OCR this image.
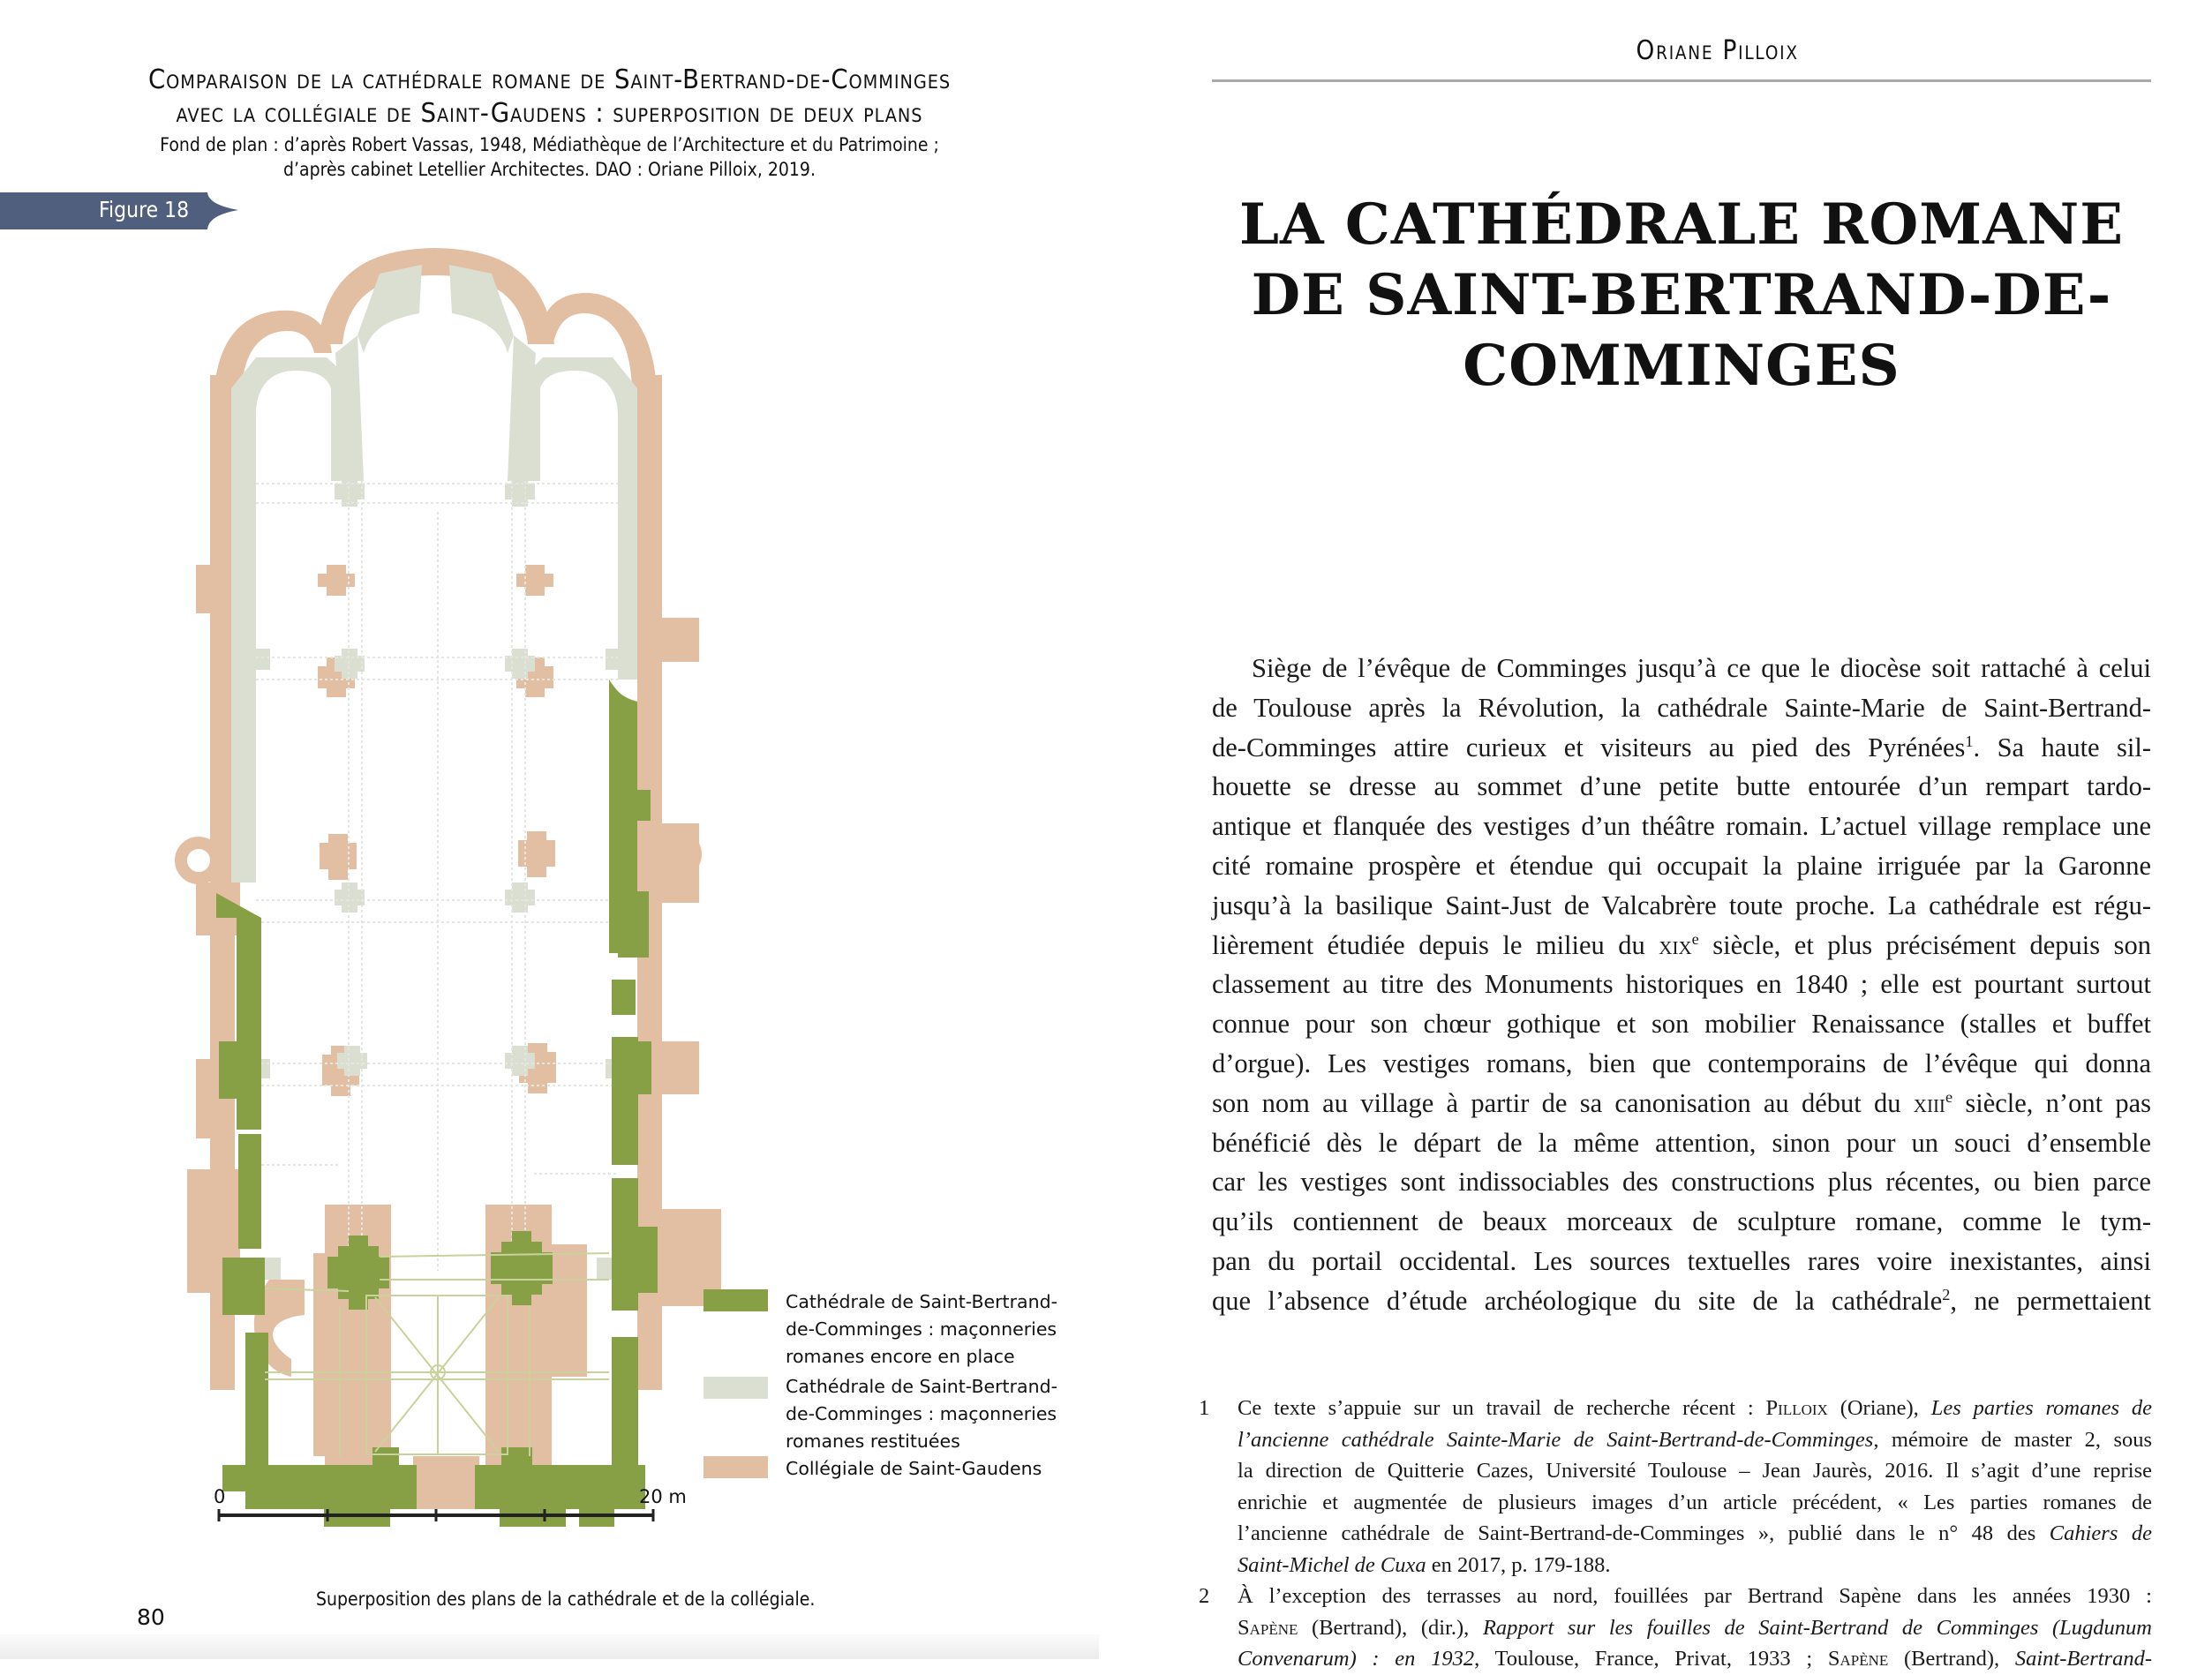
Comparaison de la cathédrale romane de Saint-Bertrand-de-Comminges
avec la collégiale de Saint-Gaudens : superposition de deux plans
Fond de plan : d’après Robert Vassas, 1948, Médiathèque de l’Architecture et du Patrimoine ;
d’après cabinet Letellier Architectes. DAO : Oriane Pilloix, 2019.
Figure 18
Cathédrale de Saint-Bertrand-
de-Comminges : maçonneries
romanes encore en place
Cathédrale de Saint-Bertrand-
de-Comminges : maçonneries
romanes restituées
Collégiale de Saint-Gaudens
0	20 m
Superposition des plans de la cathédrale et de la collégiale.
80
Oriane Pilloix
LA CATHÉDRALE ROMANE
DE SAINT-BERTRAND-DE-
COMMINGES
Siège de l’évêque de Comminges jusqu’à ce que le diocèse soit rattaché à celui
de Toulouse après la Révolution, la cathédrale Sainte-Marie de Saint-Bertrand-
de-Comminges attire curieux et visiteurs au pied des Pyrénées$^1$. Sa haute sil-
houette se dresse au sommet d’une petite butte entourée d’un rempart tardo-
antique et flanquée des vestiges d’un théâtre romain. L’actuel village remplace une
cité romaine prospère et étendue qui occupait la plaine irriguée par la Garonne
jusqu’à la basilique Saint-Just de Valcabrère toute proche. La cathédrale est régu-
lièrement étudiée depuis le milieu du xix$^e$ siècle, et plus précisément depuis son
classement au titre des Monuments historiques en 1840 ; elle est pourtant surtout
connue pour son chœur gothique et son mobilier Renaissance (stalles et buffet
d’orgue). Les vestiges romans, bien que contemporains de l’évêque qui donna
son nom au village à partir de sa canonisation au début du xiii$^e$ siècle, n’ont pas
bénéficié dès le départ de la même attention, sinon pour un souci d’ensemble
car les vestiges sont indissociables des constructions plus récentes, ou bien parce
qu’ils contiennent de beaux morceaux de sculpture romane, comme le tym-
pan du portail occidental. Les sources textuelles rares voire inexistantes, ainsi
que l’absence d’étude archéologique du site de la cathédrale$^2$, ne permettaient
1 Ce texte s’appuie sur un travail de recherche récent : Pilloix (Oriane), Les parties romanes de
l’ancienne cathédrale Sainte-Marie de Saint-Bertrand-de-Comminges, mémoire de master 2, sous
la direction de Quitterie Cazes, Université Toulouse – Jean Jaurès, 2016. Il s’agit d’une reprise
enrichie et augmentée de plusieurs images d’un article précédent, « Les parties romanes de
l’ancienne cathédrale de Saint-Bertrand-de-Comminges », publié dans le n° 48 des Cahiers de
Saint-Michel de Cuxa en 2017, p. 179-188.
2 À l’exception des terrasses au nord, fouillées par Bertrand Sapène dans les années 1930 :
Sapène (Bertrand), (dir.), Rapport sur les fouilles de Saint-Bertrand de Comminges (Lugdunum
Convenarum) : en 1932, Toulouse, France, Privat, 1933 ; Sapène (Bertrand), Saint-Bertrand-
